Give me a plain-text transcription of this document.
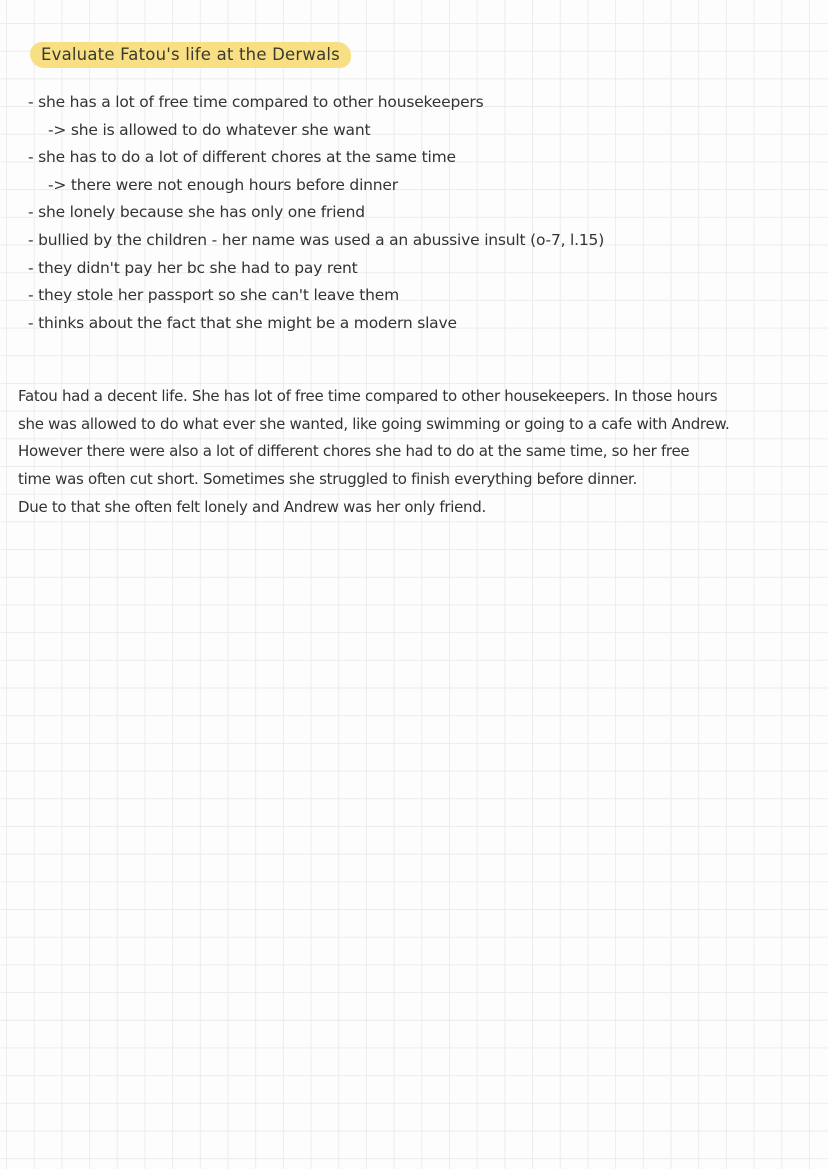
Evaluate Fatou's life at the Derwals
- she has a lot of free time compared to other housekeepers
-> she is allowed to do whatever she want
- she has to do a lot of different chores at the same time
-> there were not enough hours before dinner
- she lonely because she has only one friend
- bullied by the children - her name was used a an abussive insult (o-7, l.15)
- they didn't pay her bc she had to pay rent
- they stole her passport so she can't leave them
- thinks about the fact that she might be a modern slave
Fatou had a decent life. She has lot of free time compared to other housekeepers. In those hours
she was allowed to do what ever she wanted, like going swimming or going to a cafe with Andrew.
However there were also a lot of different chores she had to do at the same time, so her free
time was often cut short. Sometimes she struggled to finish everything before dinner.
Due to that she often felt lonely and Andrew was her only friend.
